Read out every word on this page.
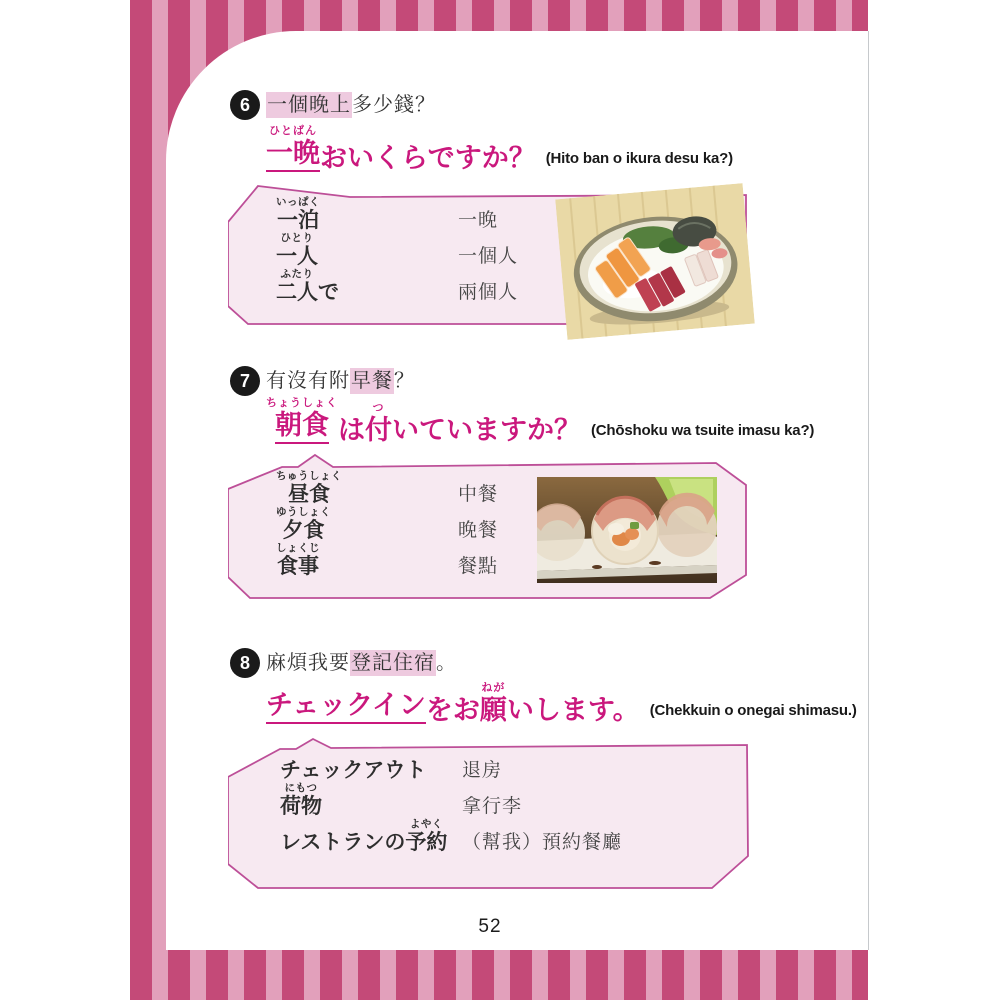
6 一個晚上多少錢？
ひとばん
一晩 おいくらですか？ (Hito ban o ikura desu ka?)
いっぱく
一泊	一晚
ひとり
一人	一個人
ふたり
二人 で	兩個人
7 有沒有附早餐？
ちょうしょく
朝食 は
つ
付 いていますか？ (Chōshoku wa tsuite imasu ka?)
ちゅうしょく
昼食	中餐
ゆうしょく
夕食	晚餐
しょくじ
食事	餐點
8 麻煩我要登記住宿。
チェックイン をお
ねが
願 いします。 (Chekkuin o onegai shimasu.)
チェックアウト 退房
にもつ
荷物	拿行李
レストランの
よやく
予約 （幫我）預約餐廳
52
